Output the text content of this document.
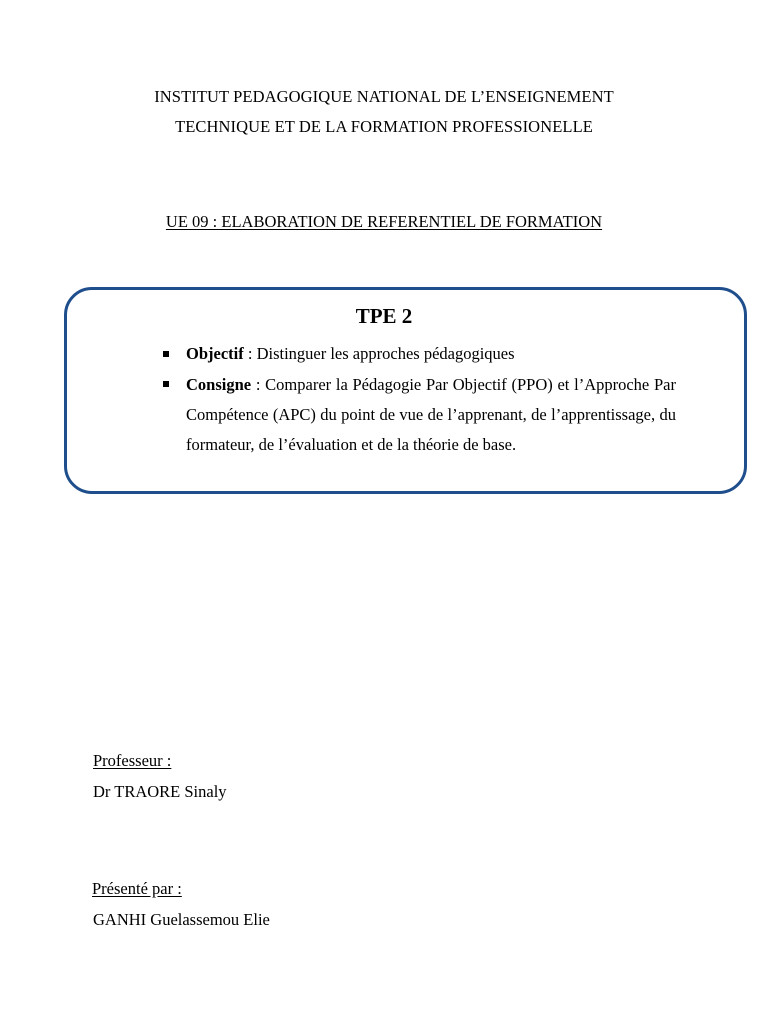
INSTITUT PEDAGOGIQUE NATIONAL DE L’ENSEIGNEMENT
TECHNIQUE ET DE LA FORMATION PROFESSIONELLE
UE 09 : ELABORATION DE REFERENTIEL DE FORMATION
TPE 2
Objectif : Distinguer les approches pédagogiques
Consigne : Comparer la Pédagogie Par Objectif (PPO) et l’Approche Par Compétence (APC) du point de vue de l’apprenant, de l’apprentissage, du formateur, de l’évaluation et de la théorie de base.
Professeur :
Dr TRAORE Sinaly
Présenté par :
GANHI Guelassemou Elie
